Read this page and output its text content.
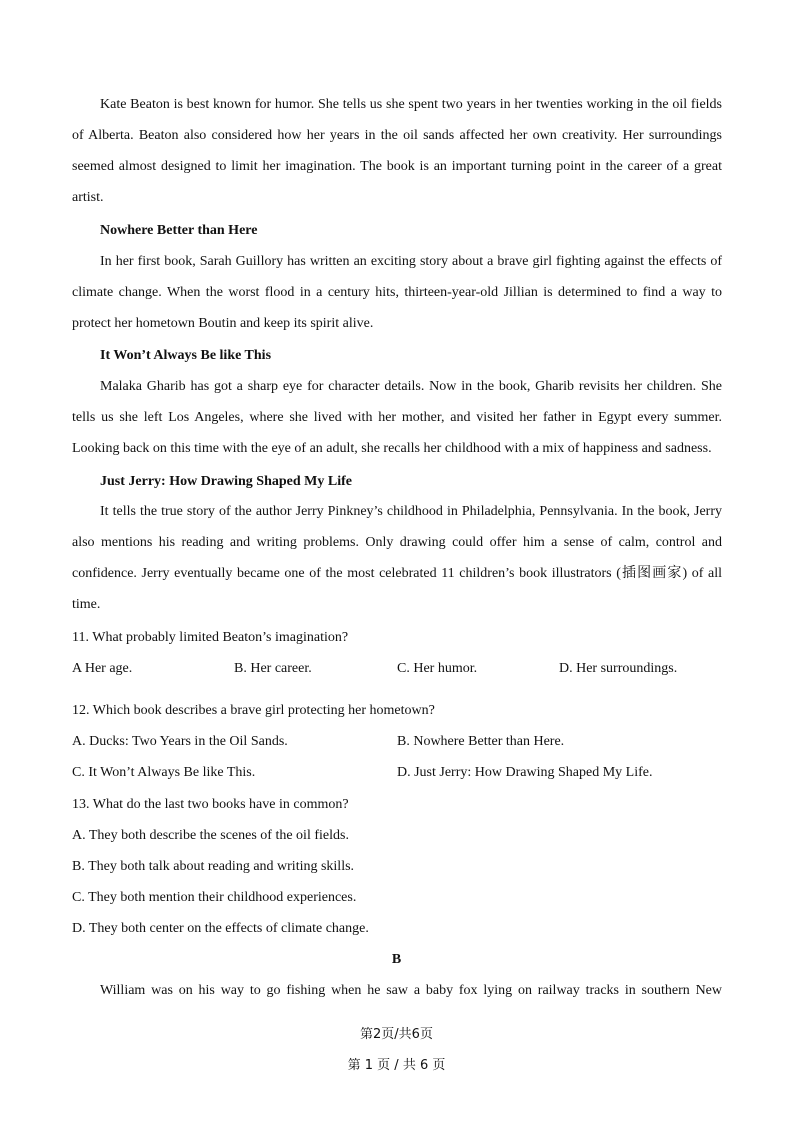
Kate Beaton is best known for humor. She tells us she spent two years in her twenties working in the oil fields of Alberta. Beaton also considered how her years in the oil sands affected her own creativity. Her surroundings seemed almost designed to limit her imagination. The book is an important turning point in the career of a great artist.

Nowhere Better than Here

In her first book, Sarah Guillory has written an exciting story about a brave girl fighting against the effects of climate change. When the worst flood in a century hits, thirteen-year-old Jillian is determined to find a way to protect her hometown Boutin and keep its spirit alive.

It Won’t Always Be like This

Malaka Gharib has got a sharp eye for character details. Now in the book, Gharib revisits her children. She tells us she left Los Angeles, where she lived with her mother, and visited her father in Egypt every summer. Looking back on this time with the eye of an adult, she recalls her childhood with a mix of happiness and sadness.

Just Jerry: How Drawing Shaped My Life

It tells the true story of the author Jerry Pinkney’s childhood in Philadelphia, Pennsylvania. In the book, Jerry also mentions his reading and writing problems. Only drawing could offer him a sense of calm, control and confidence. Jerry eventually became one of the most celebrated 11 children’s book illustrators (插图画家) of all time.

11. What probably limited Beaton’s imagination?

A Her age.	B. Her career.	C. Her humor.	D. Her surroundings.

12. Which book describes a brave girl protecting her hometown?

A. Ducks: Two Years in the Oil Sands.	B. Nowhere Better than Here.

C. It Won’t Always Be like This.	D. Just Jerry: How Drawing Shaped My Life.

13. What do the last two books have in common?

A. They both describe the scenes of the oil fields.

B. They both talk about reading and writing skills.

C. They both mention their childhood experiences.

D. They both center on the effects of climate change.

B

William was on his way to go fishing when he saw a baby fox lying on railway tracks in southern New

第2页/共6页

第 1 页 / 共 6 页
